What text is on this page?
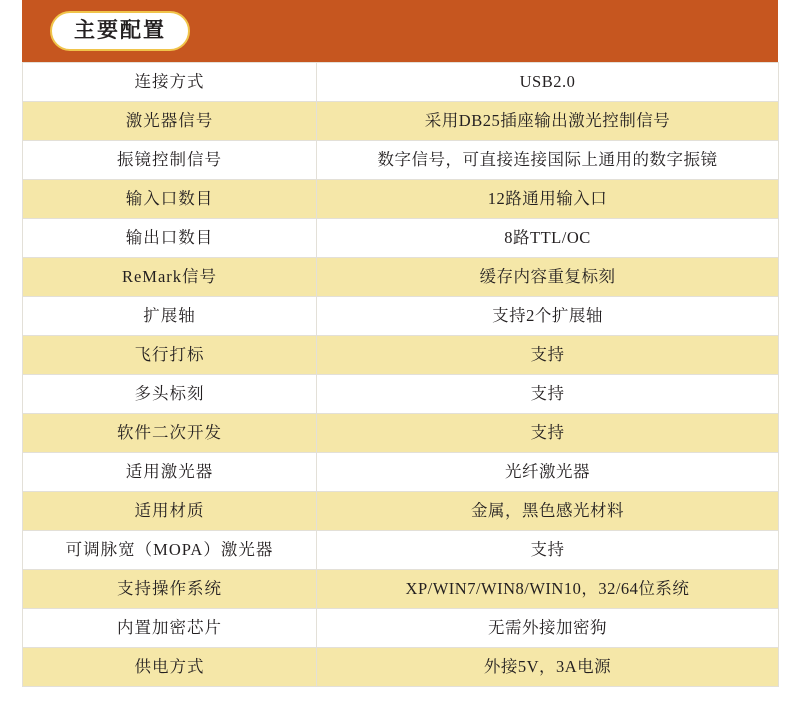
主要配置
连接方式	USB2.0
激光器信号	采用DB25插座输出激光控制信号
振镜控制信号	数字信号，可直接连接国际上通用的数字振镜
输入口数目	12路通用输入口
输出口数目	8路TTL/OC
ReMark信号	缓存内容重复标刻
扩展轴	支持2个扩展轴
飞行打标	支持
多头标刻	支持
软件二次开发	支持
适用激光器	光纤激光器
适用材质	金属，黑色感光材料
可调脉宽（MOPA）激光器	支持
支持操作系统	XP/WIN7/WIN8/WIN10，32/64位系统
内置加密芯片	无需外接加密狗
供电方式	外接5V，3A电源
